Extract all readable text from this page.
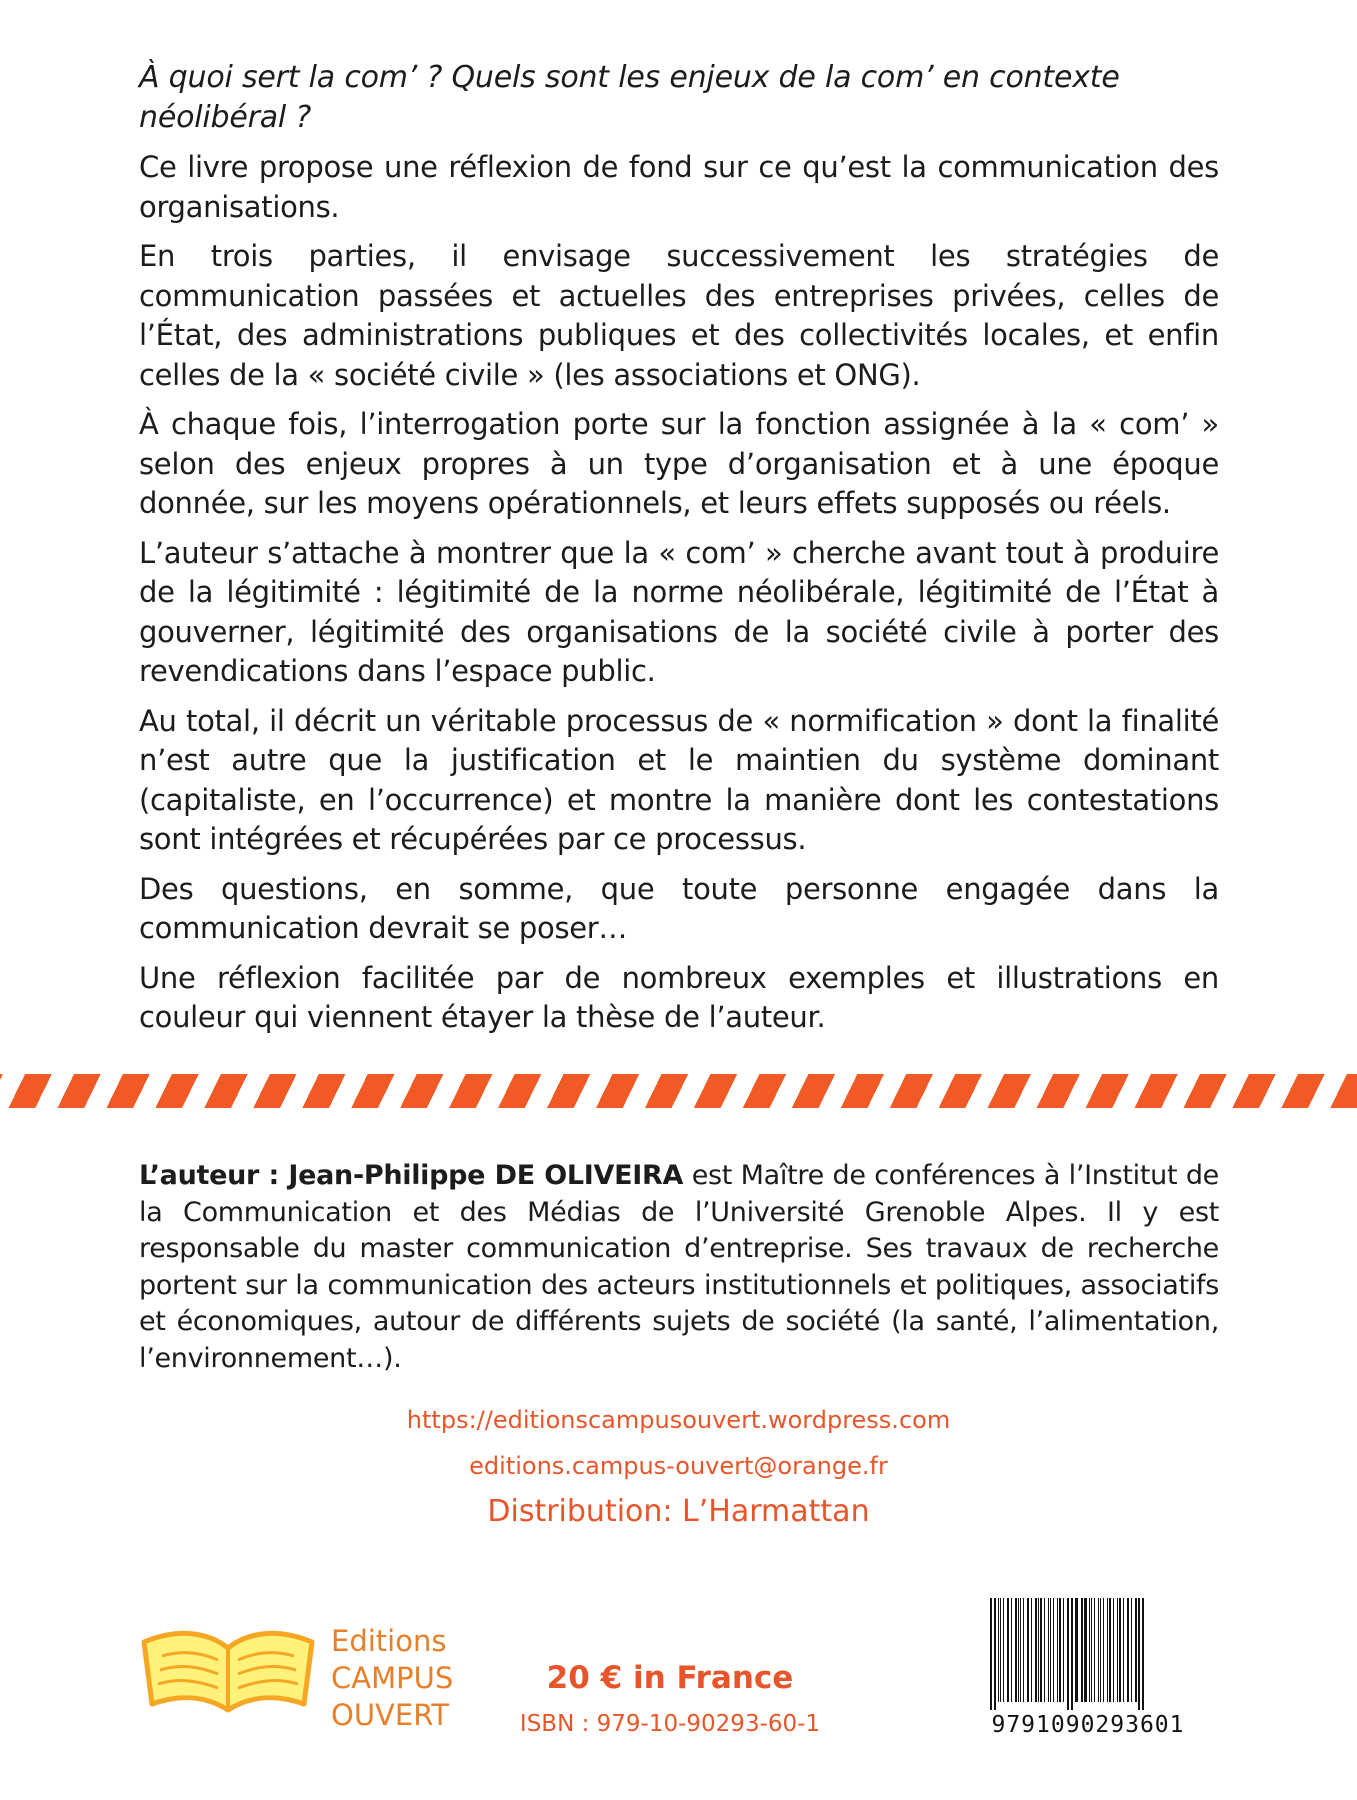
À quoi sert la com’ ? Quels sont les enjeux de la com’ en contexte néolibéral ?

Ce livre propose une réflexion de fond sur ce qu’est la communication des organisations.

En trois parties, il envisage successivement les stratégies de communication passées et actuelles des entreprises privées, celles de l’État, des administrations publiques et des collectivités locales, et enfin celles de la « société civile » (les associations et ONG).

À chaque fois, l’interrogation porte sur la fonction assignée à la « com’ » selon des enjeux propres à un type d’organisation et à une époque donnée, sur les moyens opérationnels, et leurs effets supposés ou réels.

L’auteur s’attache à montrer que la « com’ » cherche avant tout à produire de la légitimité : légitimité de la norme néolibérale, légitimité de l’État à gouverner, légitimité des organisations de la société civile à porter des revendications dans l’espace public.

Au total, il décrit un véritable processus de « normification » dont la finalité n’est autre que la justification et le maintien du système dominant (capitaliste, en l’occurrence) et montre la manière dont les contestations sont intégrées et récupérées par ce processus.

Des questions, en somme, que toute personne engagée dans la communication devrait se poser…

Une réflexion facilitée par de nombreux exemples et illustrations en couleur qui viennent étayer la thèse de l’auteur.

L’auteur : Jean-Philippe DE OLIVEIRA est Maître de conférences à l’Institut de la Communication et des Médias de l’Université Grenoble Alpes. Il y est responsable du master communication d’entreprise. Ses travaux de recherche portent sur la communication des acteurs institutionnels et politiques, associatifs et économiques, autour de différents sujets de société (la santé, l’alimentation, l’environnement…).
https://editionscampusouvert.wordpress.com
editions.campus-ouvert@orange.fr
Distribution: L’Harmattan
Editions
CAMPUS
OUVERT
20 € in France
ISBN : 979-10-90293-60-1	9791090293601
